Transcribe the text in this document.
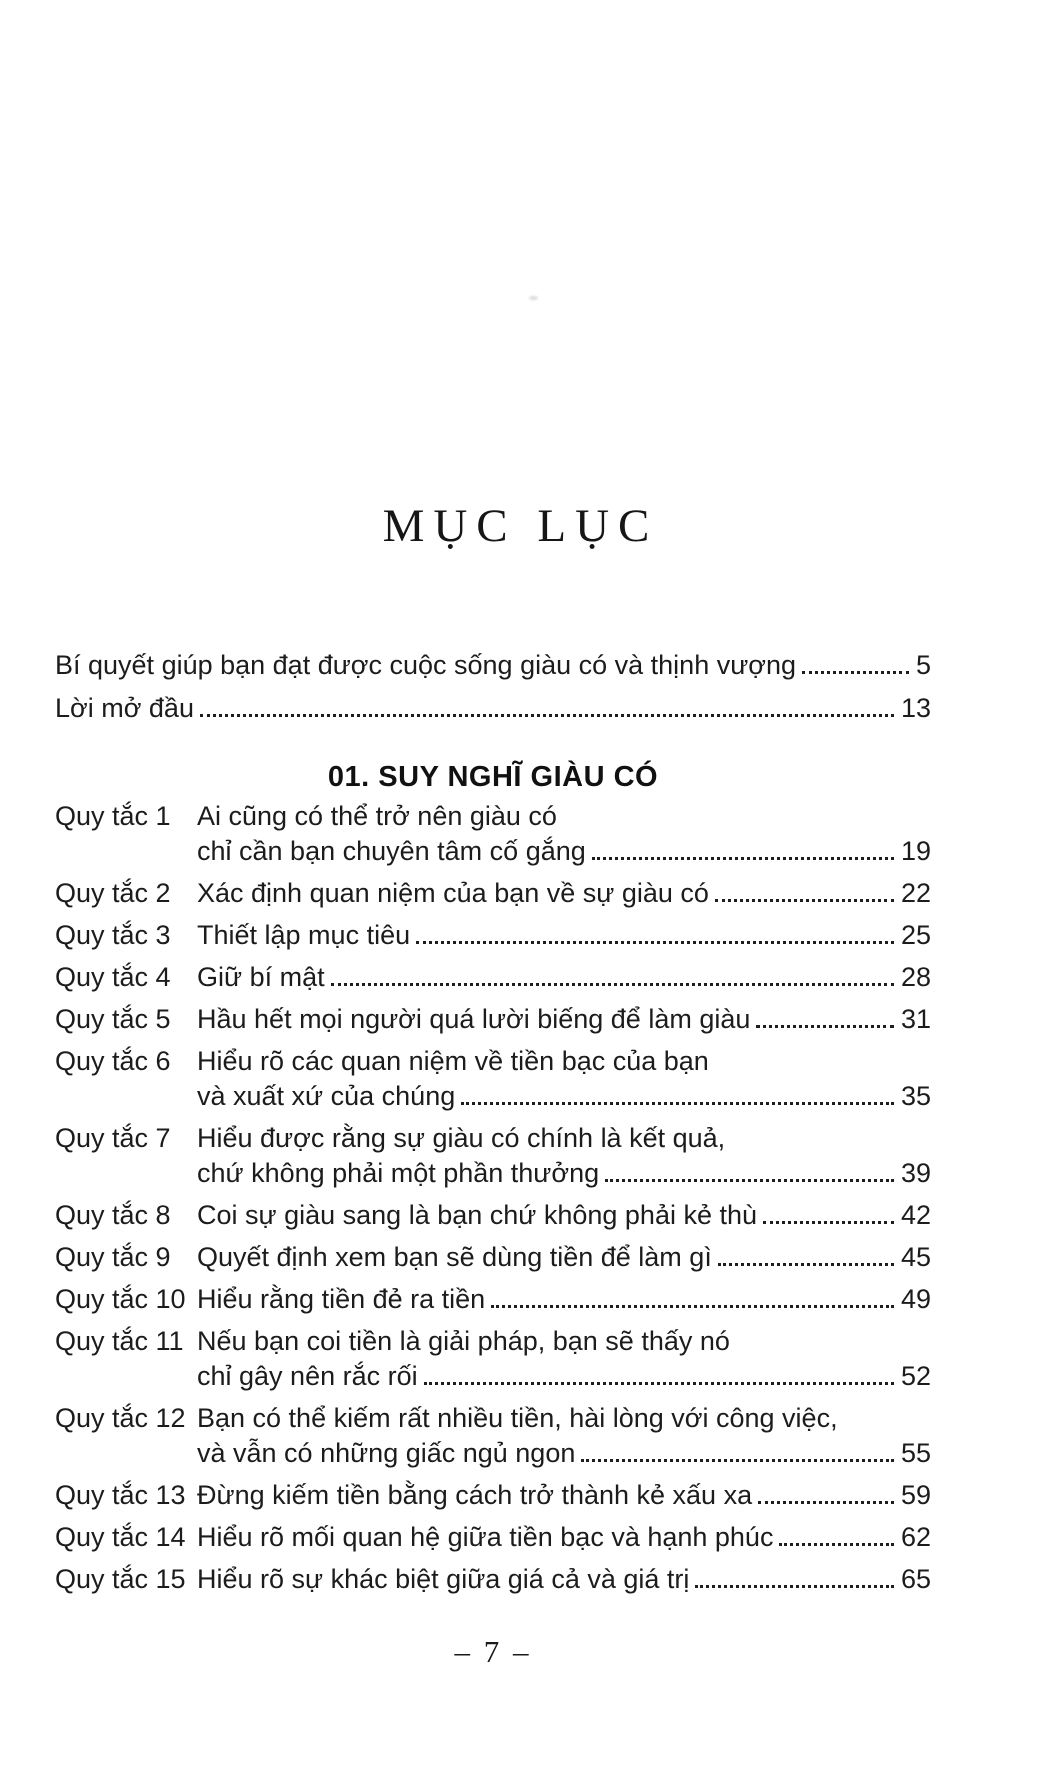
MỤC LỤC
Bí quyết giúp bạn đạt được cuộc sống giàu có và thịnh vượng	5
Lời mở đầu	13
01. SUY NGHĨ GIÀU CÓ
Quy tắc 1 Ai cũng có thể trở nên giàu có
chỉ cần bạn chuyên tâm cố gắng	19
Quy tắc 2 Xác định quan niệm của bạn về sự giàu có	22
Quy tắc 3 Thiết lập mục tiêu	25
Quy tắc 4 Giữ bí mật	28
Quy tắc 5 Hầu hết mọi người quá lười biếng để làm giàu	31
Quy tắc 6 Hiểu rõ các quan niệm về tiền bạc của bạn
và xuất xứ của chúng	35
Quy tắc 7 Hiểu được rằng sự giàu có chính là kết quả,
chứ không phải một phần thưởng	39
Quy tắc 8 Coi sự giàu sang là bạn chứ không phải kẻ thù	42
Quy tắc 9 Quyết định xem bạn sẽ dùng tiền để làm gì	45
Quy tắc 10 Hiểu rằng tiền đẻ ra tiền	49
Quy tắc 11 Nếu bạn coi tiền là giải pháp, bạn sẽ thấy nó
chỉ gây nên rắc rối	52
Quy tắc 12 Bạn có thể kiếm rất nhiều tiền, hài lòng với công việc,
và vẫn có những giấc ngủ ngon	55
Quy tắc 13 Đừng kiếm tiền bằng cách trở thành kẻ xấu xa	59
Quy tắc 14 Hiểu rõ mối quan hệ giữa tiền bạc và hạnh phúc	62
Quy tắc 15 Hiểu rõ sự khác biệt giữa giá cả và giá trị	65
– 7 –
